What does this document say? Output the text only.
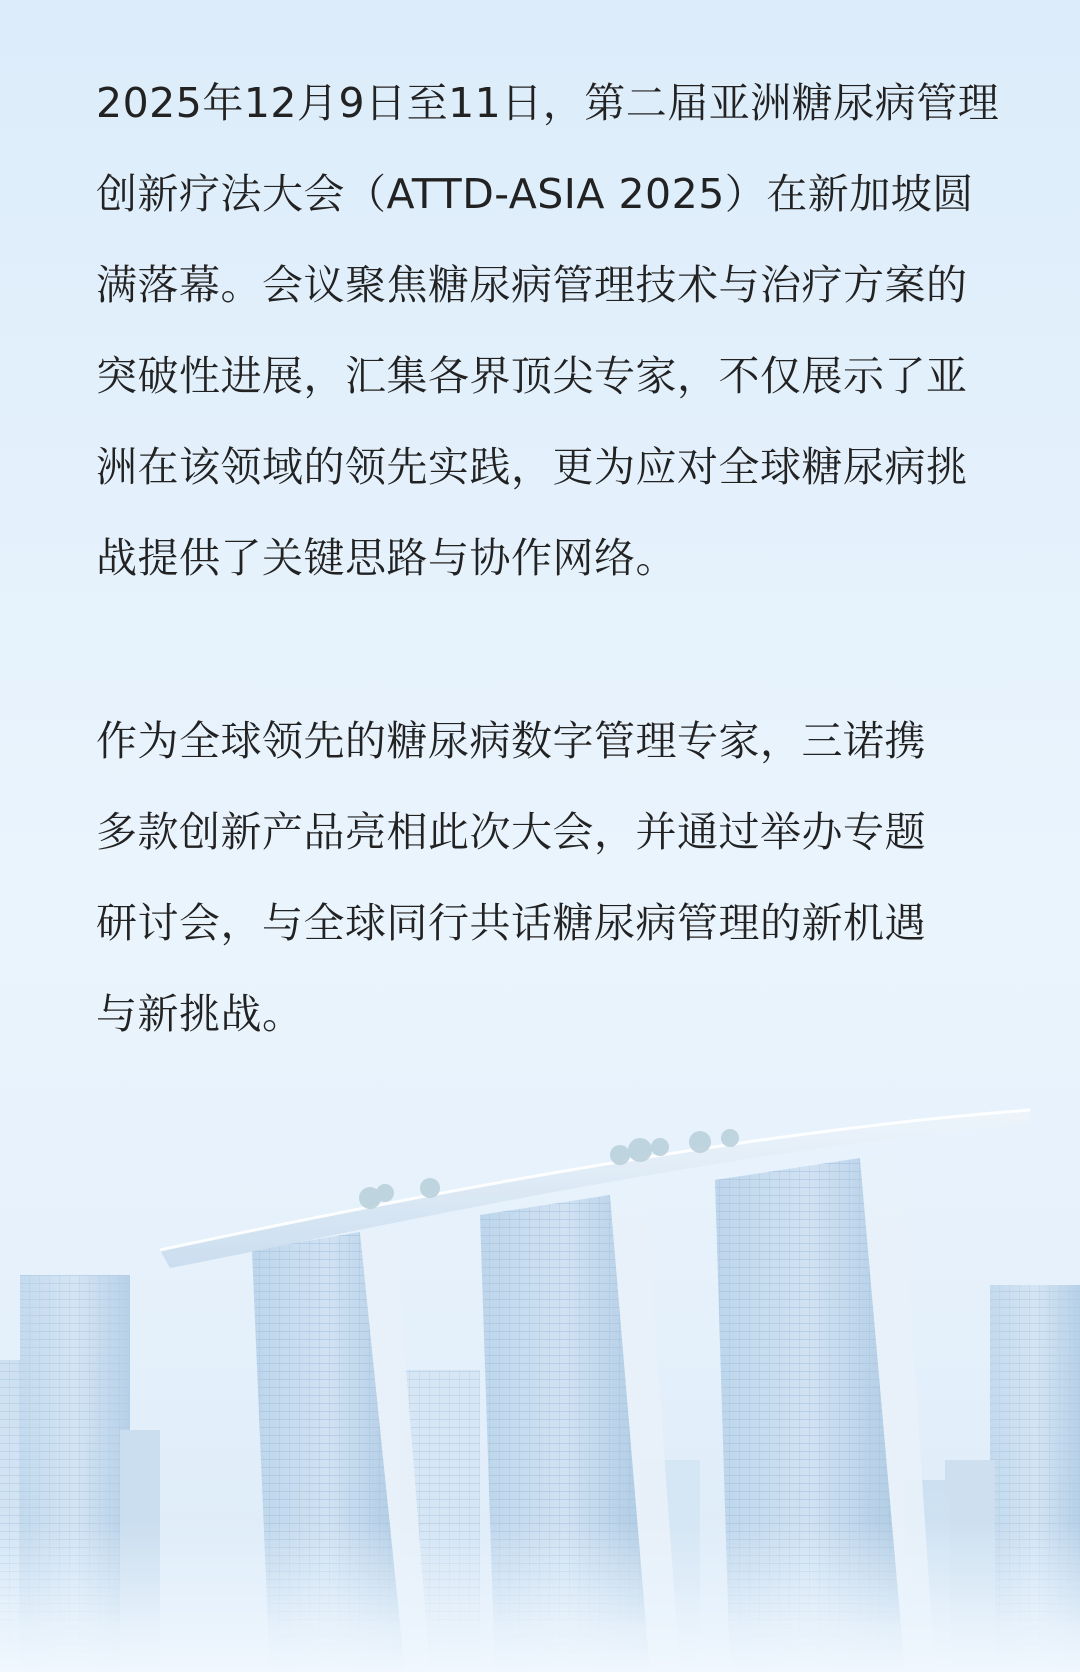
2025年12月9日至11日，第二届亚洲糖尿病管理
创新疗法大会（ATTD-ASIA 2025）在新加坡圆
满落幕。会议聚焦糖尿病管理技术与治疗方案的
突破性进展，汇集各界顶尖专家，不仅展示了亚
洲在该领域的领先实践，更为应对全球糖尿病挑
战提供了关键思路与协作网络。

作为全球领先的糖尿病数字管理专家，三诺携
多款创新产品亮相此次大会，并通过举办专题
研讨会，与全球同行共话糖尿病管理的新机遇
与新挑战。
